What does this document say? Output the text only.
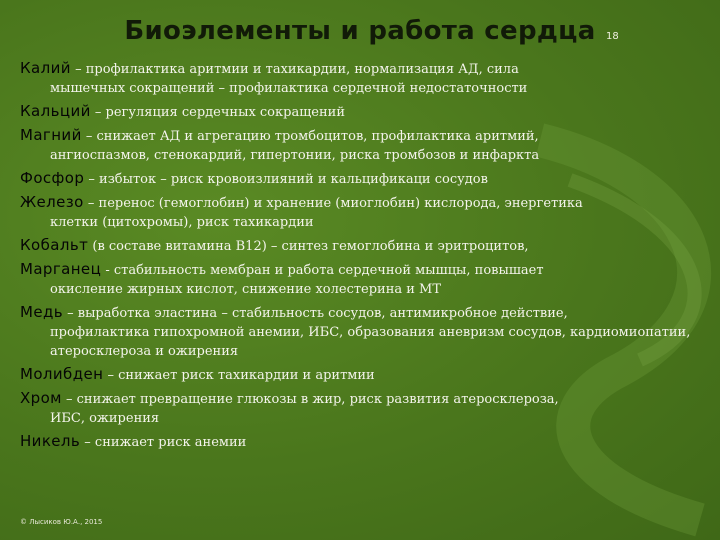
Биоэлементы и работа сердца	18
Калий – профилактика аритмии и тахикардии, нормализация АД, сила
мышечных сокращений – профилактика сердечной недостаточности
Кальций – регуляция сердечных сокращений
Магний – снижает АД и агрегацию тромбоцитов, профилактика аритмий,
ангиоспазмов, стенокардий, гипертонии, риска тромбозов и инфаркта
Фосфор – избыток – риск кровоизлияний и кальцификаци сосудов
Железо – перенос (гемоглобин) и хранение (миоглобин) кислорода, энергетика
клетки (цитохромы), риск тахикардии
Кобальт (в составе витамина В12) – синтез гемоглобина и эритроцитов,
Марганец - стабильность мембран и работа сердечной мышцы, повышает
окисление жирных кислот, снижение холестерина и МТ
Медь – выработка эластина – стабильность сосудов, антимикробное действие,
профилактика гипохромной анемии, ИБС, образования аневризм сосудов, кардиомиопатии, атеросклероза и ожирения
Молибден – снижает риск тахикардии и аритмии
Хром – снижает превращение глюкозы в жир, риск развития атеросклероза,
ИБС, ожирения
Никель – снижает риск анемии
© Лысиков Ю.А., 2015
